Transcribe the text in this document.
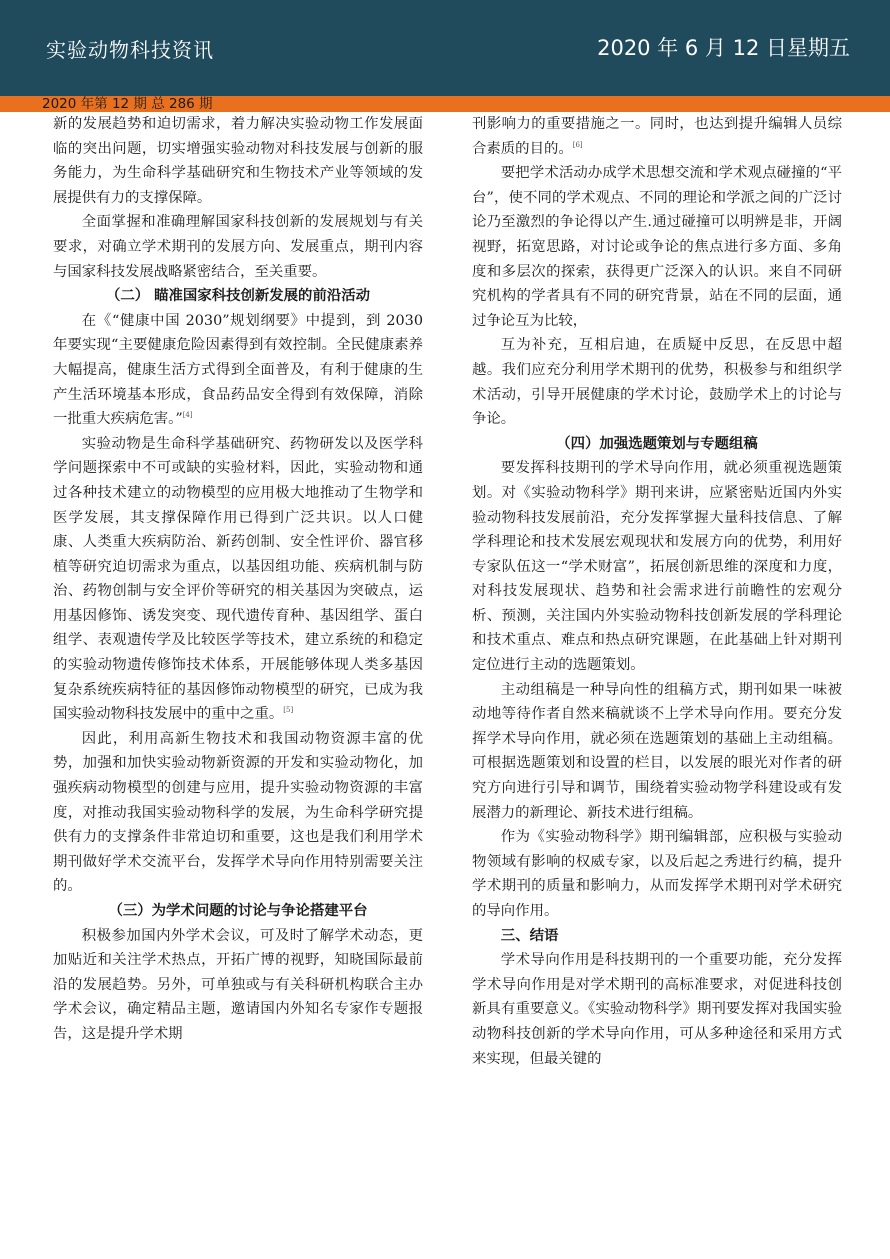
实验动物科技资讯	2020 年 6 月 12 日星期五
2020 年第 12 期 总 286 期

新的发展趋势和迫切需求，着力解决实验动物工作发展面临的突出问题，切实增强实验动物对科技发展与创新的服务能力，为生命科学基础研究和生物技术产业等领域的发展提供有力的支撑保障。

全面掌握和准确理解国家科技创新的发展规划与有关要求，对确立学术期刊的发展方向、发展重点，期刊内容与国家科技发展战略紧密结合，至关重要。

（二） 瞄准国家科技创新发展的前沿活动

在《“健康中国 2030”规划纲要》中提到，到 2030 年要实现“主要健康危险因素得到有效控制。全民健康素养大幅提高，健康生活方式得到全面普及，有利于健康的生产生活环境基本形成，食品药品安全得到有效保障，消除一批重大疾病危害。”[4]

实验动物是生命科学基础研究、药物研发以及医学科学问题探索中不可或缺的实验材料，因此，实验动物和通过各种技术建立的动物模型的应用极大地推动了生物学和医学发展，其支撑保障作用已得到广泛共识。以人口健康、人类重大疾病防治、新药创制、安全性评价、器官移植等研究迫切需求为重点，以基因组功能、疾病机制与防治、药物创制与安全评价等研究的相关基因为突破点，运用基因修饰、诱发突变、现代遗传育种、基因组学、蛋白组学、表观遗传学及比较医学等技术，建立系统的和稳定的实验动物遗传修饰技术体系，开展能够体现人类多基因复杂系统疾病特征的基因修饰动物模型的研究，已成为我国实验动物科技发展中的重中之重。[5]

因此，利用高新生物技术和我国动物资源丰富的优势，加强和加快实验动物新资源的开发和实验动物化，加强疾病动物模型的创建与应用，提升实验动物资源的丰富度，对推动我国实验动物科学的发展，为生命科学研究提供有力的支撑条件非常迫切和重要，这也是我们利用学术期刊做好学术交流平台，发挥学术导向作用特别需要关注的。

（三）为学术问题的讨论与争论搭建平台

积极参加国内外学术会议，可及时了解学术动态，更加贴近和关注学术热点，开拓广博的视野，知晓国际最前沿的发展趋势。另外，可单独或与有关科研机构联合主办学术会议，确定精品主题，邀请国内外知名专家作专题报告，这是提升学术期

刊影响力的重要措施之一。同时，也达到提升编辑人员综合素质的目的。[6]

要把学术活动办成学术思想交流和学术观点碰撞的“平台”，使不同的学术观点、不同的理论和学派之间的广泛讨论乃至激烈的争论得以产生.通过碰撞可以明辨是非，开阔视野，拓宽思路，对讨论或争论的焦点进行多方面、多角度和多层次的探索，获得更广泛深入的认识。来自不同研究机构的学者具有不同的研究背景，站在不同的层面，通过争论互为比较，

互为补充，互相启迪，在质疑中反思，在反思中超越。我们应充分利用学术期刊的优势，积极参与和组织学术活动，引导开展健康的学术讨论，鼓励学术上的讨论与争论。

（四）加强选题策划与专题组稿

要发挥科技期刊的学术导向作用，就必须重视选题策划。对《实验动物科学》期刊来讲，应紧密贴近国内外实验动物科技发展前沿，充分发挥掌握大量科技信息、了解学科理论和技术发展宏观现状和发展方向的优势，利用好专家队伍这一“学术财富”，拓展创新思维的深度和力度，对科技发展现状、趋势和社会需求进行前瞻性的宏观分析、预测，关注国内外实验动物科技创新发展的学科理论和技术重点、难点和热点研究课题，在此基础上针对期刊定位进行主动的选题策划。

主动组稿是一种导向性的组稿方式，期刊如果一味被动地等待作者自然来稿就谈不上学术导向作用。要充分发挥学术导向作用，就必须在选题策划的基础上主动组稿。可根据选题策划和设置的栏目，以发展的眼光对作者的研究方向进行引导和调节，围绕着实验动物学科建设或有发展潜力的新理论、新技术进行组稿。

作为《实验动物科学》期刊编辑部，应积极与实验动物领域有影响的权威专家，以及后起之秀进行约稿，提升学术期刊的质量和影响力，从而发挥学术期刊对学术研究的导向作用。

三、结语

学术导向作用是科技期刊的一个重要功能，充分发挥学术导向作用是对学术期刊的高标准要求，对促进科技创新具有重要意义。《实验动物科学》期刊要发挥对我国实验动物科技创新的学术导向作用，可从多种途径和采用方式来实现，但最关键的
